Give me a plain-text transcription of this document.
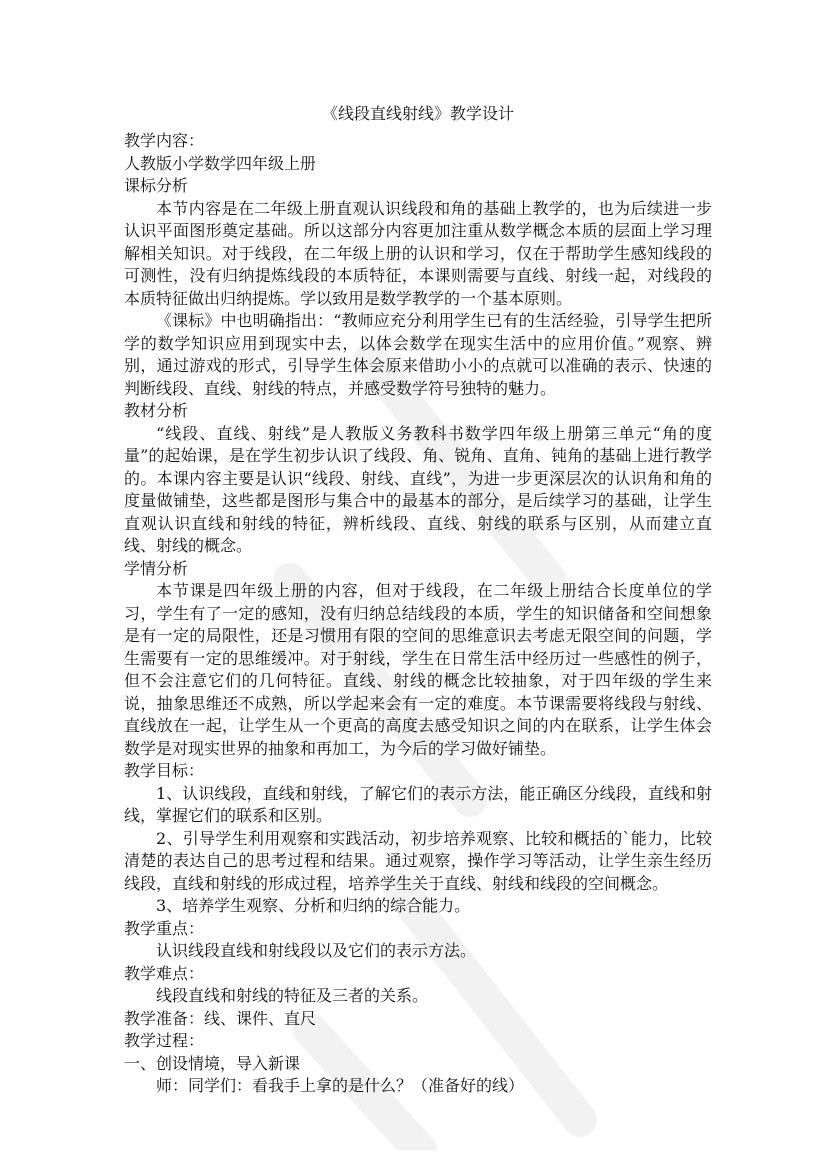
《线段直线射线》教学设计
教学内容：
人教版小学数学四年级上册
课标分析
本节内容是在二年级上册直观认识线段和角的基础上教学的，也为后续进一步认识平面图形奠定基础。所以这部分内容更加注重从数学概念本质的层面上学习理解相关知识。对于线段，在二年级上册的认识和学习，仅在于帮助学生感知线段的可测性，没有归纳提炼线段的本质特征，本课则需要与直线、射线一起，对线段的本质特征做出归纳提炼。学以致用是数学教学的一个基本原则。
《课标》中也明确指出：“教师应充分利用学生已有的生活经验，引导学生把所学的数学知识应用到现实中去，以体会数学在现实生活中的应用价值。”观察、辨别，通过游戏的形式，引导学生体会原来借助小小的点就可以准确的表示、快速的判断线段、直线、射线的特点，并感受数学符号独特的魅力。
教材分析
“线段、直线、射线”是人教版义务教科书数学四年级上册第三单元“角的度量”的起始课，是在学生初步认识了线段、角、锐角、直角、钝角的基础上进行教学的。本课内容主要是认识“线段、射线、直线”，为进一步更深层次的认识角和角的度量做铺垫，这些都是图形与集合中的最基本的部分，是后续学习的基础，让学生直观认识直线和射线的特征，辨析线段、直线、射线的联系与区别，从而建立直线、射线的概念。
学情分析
本节课是四年级上册的内容，但对于线段，在二年级上册结合长度单位的学习，学生有了一定的感知，没有归纳总结线段的本质，学生的知识储备和空间想象是有一定的局限性，还是习惯用有限的空间的思维意识去考虑无限空间的问题，学生需要有一定的思维缓冲。对于射线，学生在日常生活中经历过一些感性的例子，但不会注意它们的几何特征。直线、射线的概念比较抽象，对于四年级的学生来说，抽象思维还不成熟，所以学起来会有一定的难度。本节课需要将线段与射线、直线放在一起，让学生从一个更高的高度去感受知识之间的内在联系，让学生体会数学是对现实世界的抽象和再加工，为今后的学习做好铺垫。
教学目标：
1、认识线段，直线和射线，了解它们的表示方法，能正确区分线段，直线和射线，掌握它们的联系和区别。
2、引导学生利用观察和实践活动，初步培养观察、比较和概括的`能力，比较清楚的表达自己的思考过程和结果。通过观察，操作学习等活动，让学生亲生经历线段，直线和射线的形成过程，培养学生关于直线、射线和线段的空间概念。
3、培养学生观察、分析和归纳的综合能力。
教学重点：
认识线段直线和射线段以及它们的表示方法。
教学难点：
线段直线和射线的特征及三者的关系。
教学准备：线、课件、直尺
教学过程：
一、创设情境，导入新课
师：同学们：看我手上拿的是什么？（准备好的线）
